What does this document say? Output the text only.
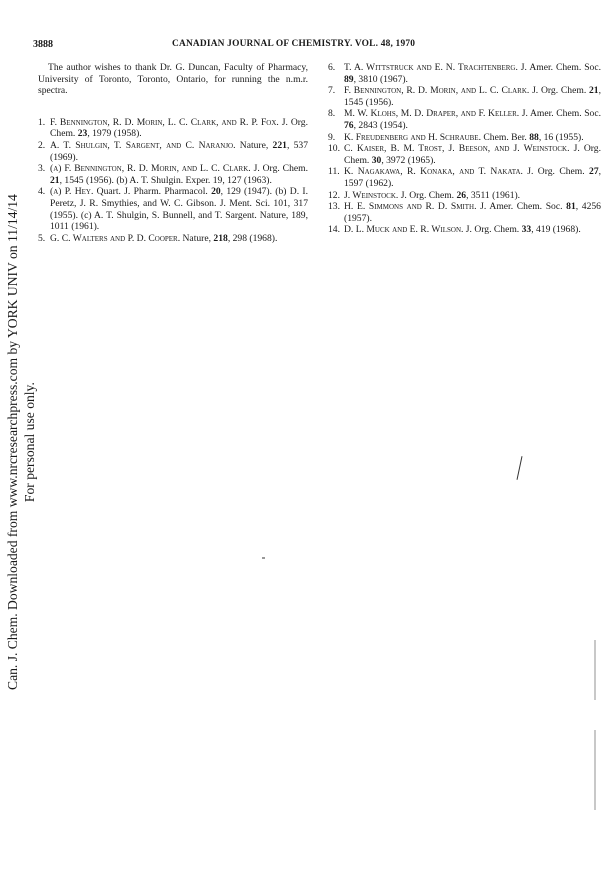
3888	CANADIAN JOURNAL OF CHEMISTRY. VOL. 48, 1970
Can. J. Chem. Downloaded from www.nrcresearchpress.com by YORK UNIV on 11/14/14 For personal use only.

The author wishes to thank Dr. G. Duncan, Faculty of Pharmacy, University of Toronto, Toronto, Ontario, for running the n.m.r. spectra.

1. F. Bennington, R. D. Morin, L. C. Clark, and R. P. Fox. J. Org. Chem. 23, 1979 (1958).
2. A. T. Shulgin, T. Sargent, and C. Naranjo. Nature, 221, 537 (1969).
3. (a) F. Bennington, R. D. Morin, and L. C. Clark. J. Org. Chem. 21, 1545 (1956). (b) A. T. Shulgin. Exper. 19, 127 (1963).
4. (a) P. Hey. Quart. J. Pharm. Pharmacol. 20, 129 (1947). (b) D. I. Peretz, J. R. Smythies, and W. C. Gibson. J. Ment. Sci. 101, 317 (1955). (c) A. T. Shulgin, S. Bunnell, and T. Sargent. Nature, 189, 1011 (1961).
5. G. C. Walters and P. D. Cooper. Nature, 218, 298 (1968).
6. T. A. Wittstruck and E. N. Trachtenberg. J. Amer. Chem. Soc. 89, 3810 (1967).
7. F. Bennington, R. D. Morin, and L. C. Clark. J. Org. Chem. 21, 1545 (1956).
8. M. W. Klohs, M. D. Draper, and F. Keller. J. Amer. Chem. Soc. 76, 2843 (1954).
9. K. Freudenberg and H. Schraube. Chem. Ber. 88, 16 (1955).
10. C. Kaiser, B. M. Trost, J. Beeson, and J. Weinstock. J. Org. Chem. 30, 3972 (1965).
11. K. Nagakawa, R. Konaka, and T. Nakata. J. Org. Chem. 27, 1597 (1962).
12. J. Weinstock. J. Org. Chem. 26, 3511 (1961).
13. H. E. Simmons and R. D. Smith. J. Amer. Chem. Soc. 81, 4256 (1957).
14. D. L. Muck and E. R. Wilson. J. Org. Chem. 33, 419 (1968).
